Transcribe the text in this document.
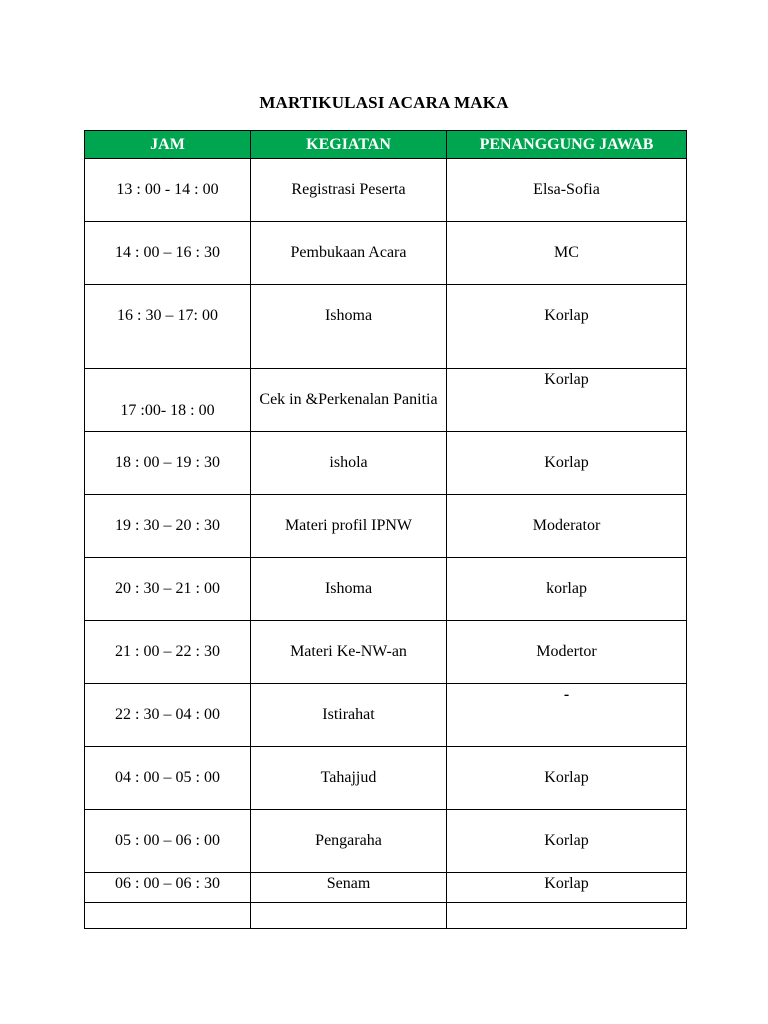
MARTIKULASI ACARA MAKA
JAM	KEGIATAN	PENANGGUNG JAWAB
13 : 00 - 14 : 00	Registrasi Peserta	Elsa-Sofia
14 : 00 – 16 : 30	Pembukaan Acara	MC
16 : 30 – 17: 00	Ishoma	Korlap
17 :00- 18 : 00	Cek in &Perkenalan Panitia	Korlap
18 : 00 – 19 : 30	ishola	Korlap
19 : 30 – 20 : 30	Materi profil IPNW	Moderator
20 : 30 – 21 : 00	Ishoma	korlap
21 : 00 – 22 : 30	Materi Ke-NW-an	Modertor
22 : 30 – 04 : 00	Istirahat	-
04 : 00 – 05 : 00	Tahajjud	Korlap
05 : 00 – 06 : 00	Pengaraha	Korlap
06 : 00 – 06 : 30	Senam	Korlap
